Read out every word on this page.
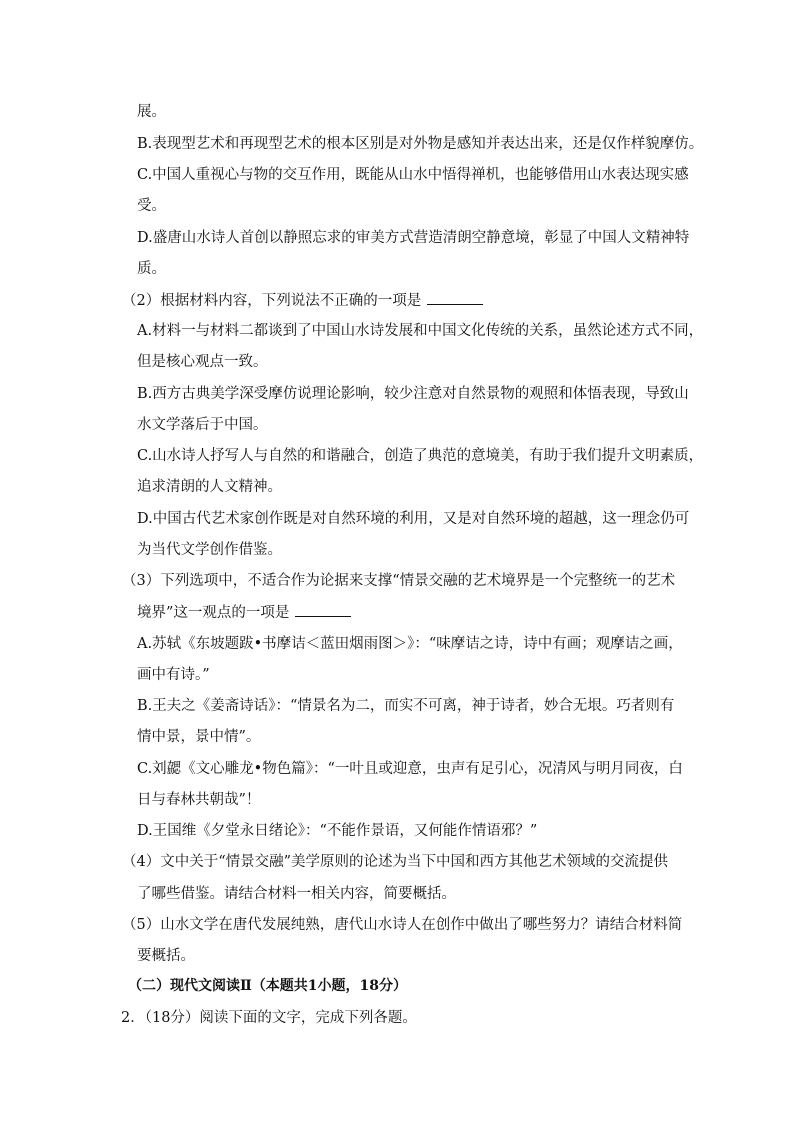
展。
B.表现型艺术和再现型艺术的根本区别是对外物是感知并表达出来，还是仅作样貌摩仿。
C.中国人重视心与物的交互作用，既能从山水中悟得禅机，也能够借用山水表达现实感
受。
D.盛唐山水诗人首创以静照忘求的审美方式营造清朗空静意境，彰显了中国人文精神特
质。
（2）根据材料内容，下列说法不正确的一项是
A.材料一与材料二都谈到了中国山水诗发展和中国文化传统的关系，虽然论述方式不同，
但是核心观点一致。
B.西方古典美学深受摩仿说理论影响，较少注意对自然景物的观照和体悟表现，导致山
水文学落后于中国。
C.山水诗人抒写人与自然的和谐融合，创造了典范的意境美，有助于我们提升文明素质，
追求清朗的人文精神。
D.中国古代艺术家创作既是对自然环境的利用，又是对自然环境的超越，这一理念仍可
为当代文学创作借鉴。
（3）下列选项中，不适合作为论据来支撑“情景交融的艺术境界是一个完整统一的艺术
境界”这一观点的一项是
A.苏轼《东坡题跋•书摩诘＜蓝田烟雨图＞》：“味摩诘之诗，诗中有画；观摩诘之画，
画中有诗。”
B.王夫之《姜斋诗话》：“情景名为二，而实不可离，神于诗者，妙合无垠。巧者则有
情中景，景中情”。
C.刘勰《文心雕龙•物色篇》：“一叶且或迎意，虫声有足引心，况清风与明月同夜，白
日与春林共朝哉”！
D.王国维《夕堂永日绪论》：“不能作景语，又何能作情语邪？”
（4）文中关于“情景交融”美学原则的论述为当下中国和西方其他艺术领域的交流提供
了哪些借鉴。请结合材料一相关内容，简要概括。
（5）山水文学在唐代发展纯熟，唐代山水诗人在创作中做出了哪些努力？请结合材料简
要概括。
（二）现代文阅读Ⅱ（本题共1小题，18分）
2．（18分）阅读下面的文字，完成下列各题。
